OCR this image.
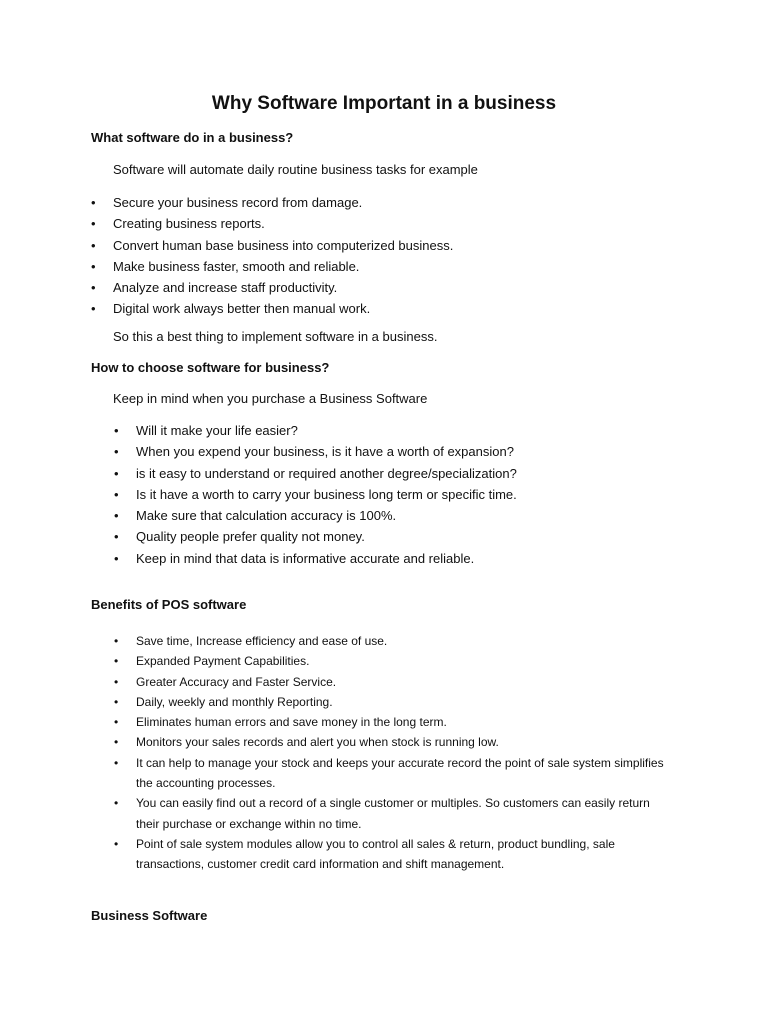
Why Software Important in a business

What software do in a business?

Software will automate daily routine business tasks for example

•	Secure your business record from damage.
•	Creating business reports.
•	Convert human base business into computerized business.
•	Make business faster, smooth and reliable.
•	Analyze and increase staff productivity.
•	Digital work always better then manual work.

So this a best thing to implement software in a business.

How to choose software for business?

Keep in mind when you purchase a Business Software

•	Will it make your life easier?
•	When you expend your business, is it have a worth of expansion?
•	is it easy to understand or required another degree/specialization?
•	Is it have a worth to carry your business long term or specific time.
•	Make sure that calculation accuracy is 100%.
•	Quality people prefer quality not money.
•	Keep in mind that data is informative accurate and reliable.

Benefits of POS software

•	Save time, Increase efficiency and ease of use.
•	Expanded Payment Capabilities.
•	Greater Accuracy and Faster Service.
•	Daily, weekly and monthly Reporting.
•	Eliminates human errors and save money in the long term.
•	Monitors your sales records and alert you when stock is running low.
•	It can help to manage your stock and keeps your accurate record the point of sale system simplifies the accounting processes.
•	You can easily find out a record of a single customer or multiples. So customers can easily return their purchase or exchange within no time.
•	Point of sale system modules allow you to control all sales & return, product bundling, sale transactions, customer credit card information and shift management.

Business Software
